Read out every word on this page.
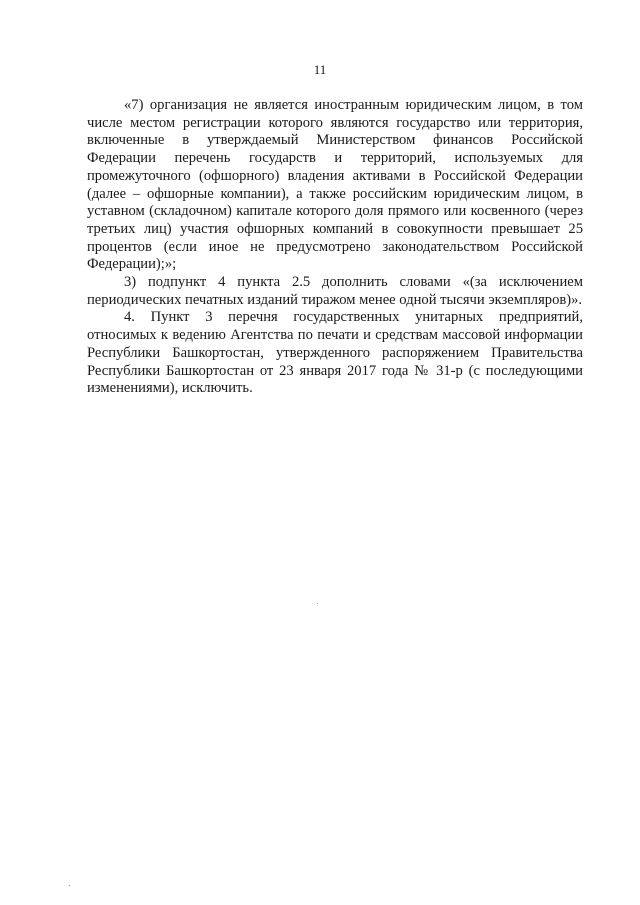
11

«7) организация не является иностранным юридическим лицом, в том числе местом регистрации которого являются государство или территория, включенные в утверждаемый Министерством финансов Российской Федерации перечень государств и территорий, используемых для промежуточного (офшорного) владения активами в Российской Федерации (далее – офшорные компании), а также российским юридическим лицом, в уставном (складочном) капитале которого доля прямого или косвенного (через третьих лиц) участия офшорных компаний в совокупности превышает 25 процентов (если иное не предусмотрено законодательством Российской Федерации);»;

3) подпункт 4 пункта 2.5 дополнить словами «(за исключением периодических печатных изданий тиражом менее одной тысячи экземпляров)».

4. Пункт 3 перечня государственных унитарных предприятий, относимых к ведению Агентства по печати и средствам массовой информации Республики Башкортостан, утвержденного распоряжением Правительства Республики Башкортостан от 23 января 2017 года № 31-р (с последующими изменениями), исключить.
